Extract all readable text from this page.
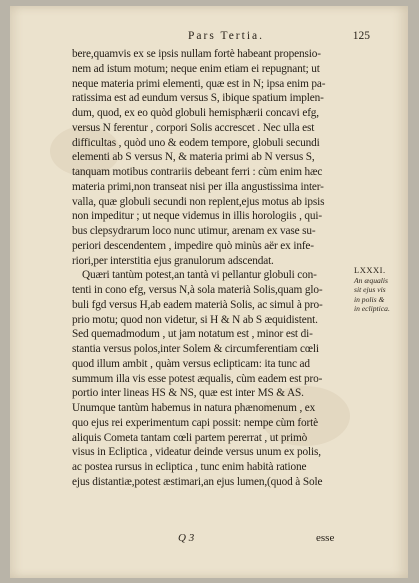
Pars Tertia.	125
bere,quamvis ex se ipsis nullam fortè habeant propensio-
nem ad istum motum; neque enim etiam ei repugnant; ut
neque materia primi elementi, quæ est in N; ipsa enim pa-
ratissima est ad eundum versus S, ibique spatium implen-
dum, quod, ex eo quòd globuli hemisphærii concavi efg,
versus N ferentur , corpori Solis accrescet . Nec ulla est
difficultas , quòd uno & eodem tempore, globuli secundi
elementi ab S versus N, & materia primi ab N versus S,
tanquam motibus contrariis debeant ferri : cùm enim hæc
materia primi,non transeat nisi per illa angustissima inter-
valla, quæ globuli secundi non replent,ejus motus ab ipsis
non impeditur ; ut neque videmus in illis horologiis , qui-
bus clepsydrarum loco nunc utimur, arenam ex vase su-
periori descendentem , impedire quò minùs aër ex infe-
riori,per interstitia ejus granulorum adscendat.
Quæri tantùm potest,an tantà vi pellantur globuli con-
tenti in cono efg, versus N,à sola materià Solis,quam glo-
buli fgd versus H,ab eadem materià Solis, ac simul à pro-
prio motu; quod non videtur, si H & N ab S æquidistent.
Sed quemadmodum , ut jam notatum est , minor est di-
stantia versus polos,inter Solem & circumferentiam cœli
quod illum ambit , quàm versus eclipticam: ita tunc ad
summum illa vis esse potest æqualis, cùm eadem est pro-
portio inter lineas HS & NS, quæ est inter MS & AS.
Unumque tantùm habemus in natura phænomenum , ex
quo ejus rei experimentum capi possit: nempe cùm fortè
aliquis Cometa tantam cœli partem pererrat , ut primò
visus in Ecliptica , videatur deinde versus unum ex polis,
ac postea rursus in ecliptica , tunc enim habità ratione
ejus distantiæ,potest æstimari,an ejus lumen,(quod à Sole
LXXXI.
An æqualis
sit ejus vis
in polis &
in ecliptica.
Q 3	esse
